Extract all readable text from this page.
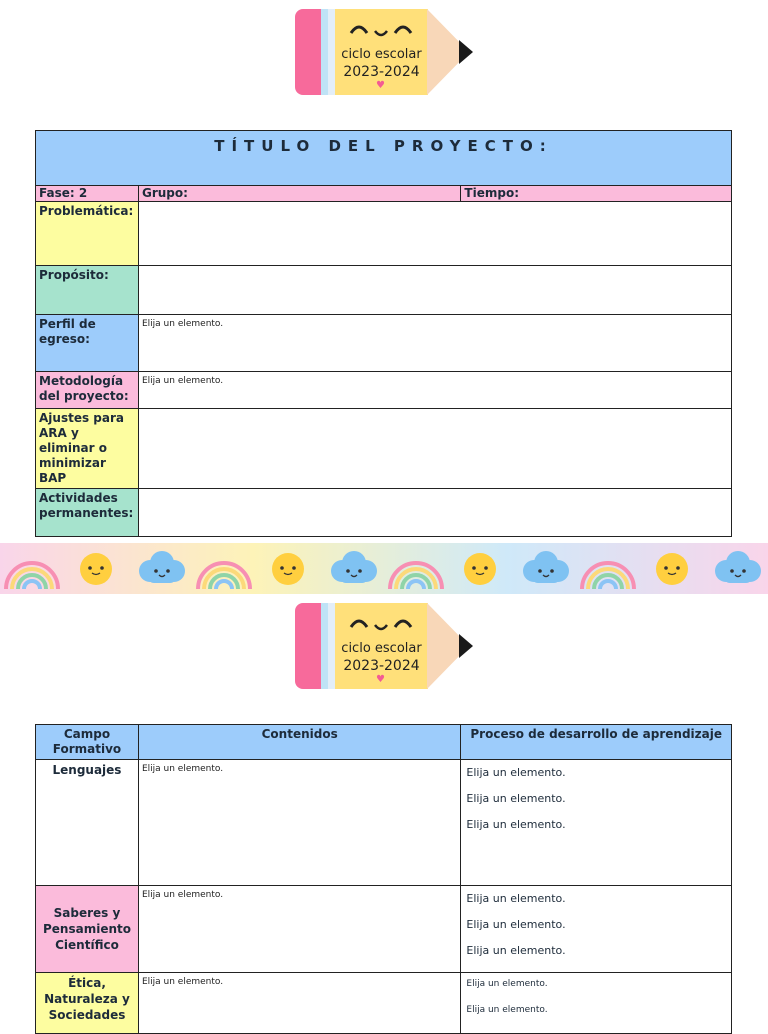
ciclo escolar
2023-2024
♥
TÍTULO DEL PROYECTO:		
Fase: 2	Grupo:	Tiempo:
Problemática:		
Propósito:		
Perfil de egreso:	Elija un elemento.	
Metodología del proyecto:	Elija un elemento.	
Ajustes para ARA y eliminar o minimizar BAP		
Actividades permanentes:		
ciclo escolar
2023-2024
♥
Campo Formativo	Contenidos	Proceso de desarrollo de aprendizaje
Lenguajes	Elija un elemento.	Elija un elemento.
Elija un elemento.
Elija un elemento.

Saberes y Pensamiento Científico	Elija un elemento.	Elija un elemento.
Elija un elemento.
Elija un elemento.

Ética, Naturaleza y Sociedades	Elija un elemento.	Elija un elemento.
Elija un elemento.
